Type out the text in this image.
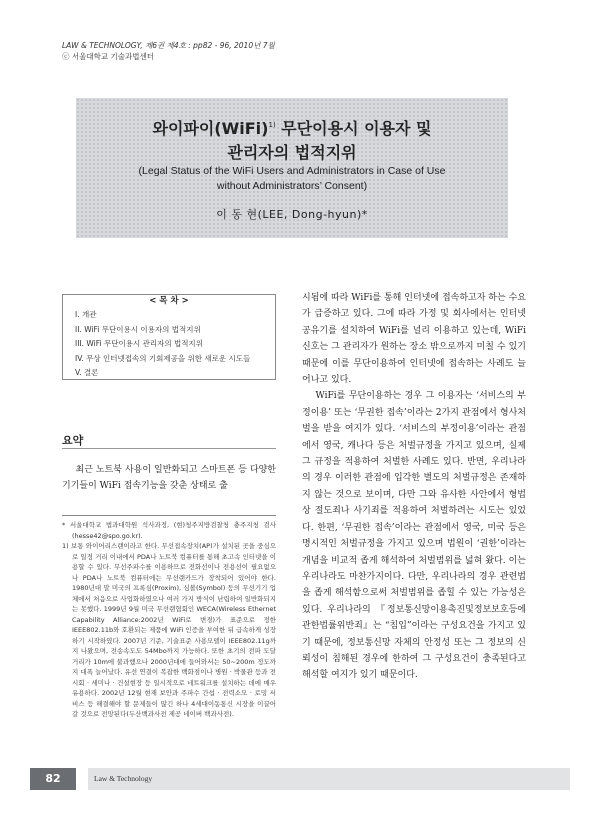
LAW & TECHNOLOGY, 제6권 제4호 : pp82 - 96, 2010년 7월
ⓒ 서울대학교 기술과법센터
와이파이(WiFi)$^{1)}$ 무단이용시 이용자 및
관리자의 법적지위
(Legal Status of the WiFi Users and Administrators in Case of Use
without Administrators’ Consent)
이 동 현(LEE, Dong-hyun)*
< 목 차 >
I. 개관
II. WiFi 무단이용시 이용자의 법적지위
III. WiFi 무단이용시 관리자의 법적지위
IV. 무상 인터넷접속의 기회제공을 위한 새로운 시도들
V. 결론
요약

최근 노트북 사용이 일반화되고 스마트폰 등 다양한 기기들이 WiFi 접속기능을 갖춘 상태로 출

* 서울대학교 법과대학원 석사과정, (현)청주지방검찰청 충주지청 검사(hesse42@spo.go.kr).
1) 보통 와이어리스랜이라고 한다. 무선접속장치(AP)가 설치된 곳을 중심으로 일정 거리 이내에서 PDA나 노트북 컴퓨터를 통해 초고속 인터넷을 이용할 수 있다. 무선주파수를 이용하므로 전화선이나 전용선이 필요없으나 PDA나 노트북 컴퓨터에는 무선랜카드가 장착되어 있어야 한다. 1980년대 말 미국의 프록심(Proxim), 심볼(Symbol) 등의 무선기기 업체에서 처음으로 사업화하였으나 여러 가지 방식이 난립하여 일반화되지는 못했다. 1999년 9월 미국 무선랜협회인 WECA(Wireless Ethernet Capability Alliance:2002년 WiFi로 변경)가 표준으로 정한 IEEE802.11b와 호환되는 제품에 WiFi 인증을 부여한 뒤 급속하게 성장하기 시작하였다. 2007년 기준, 기술표준 사용모델이 IEEE802.11g까지 나왔으며, 전송속도도 54Mbo까지 가능하다. 또한 초기의 전파 도달거리가 10m에 불과했으나 2000년대에 들어와서는 50~200m 정도까지 대폭 늘어났다. 유선 연결이 복잡한 백화점이나 병원 · 박물관 등과 전시회 · 세미나 · 건설현장 등 일시적으로 네트워크를 설치하는 데에 매우 유용하다. 2002년 12월 현재 보안과 주파수 간섭 · 전력소모 · 로밍 서비스 등 해결해야 할 문제들이 많긴 하나 4세대이동통신 시장을 이끌어갈 것으로 전망된다(두산백과사전 제공 네이버 백과사전).

시됨에 따라 WiFi를 통해 인터넷에 접속하고자 하는 수요가 급증하고 있다. 그에 따라 가정 및 회사에서는 인터넷공유기를 설치하여 WiFi를 널리 이용하고 있는데, WiFi 신호는 그 관리자가 원하는 장소 밖으로까지 미칠 수 있기 때문에 이를 무단이용하여 인터넷에 접속하는 사례도 늘어나고 있다.

WiFi를 무단이용하는 경우 그 이용자는 ‘서비스의 부정이용’ 또는 ‘무권한 접속’이라는 2가지 관점에서 형사처벌을 받을 여지가 있다. ‘서비스의 부정이용’이라는 관점에서 영국, 캐나다 등은 처벌규정을 가지고 있으며, 실제 그 규정을 적용하여 처벌한 사례도 있다. 반면, 우리나라의 경우 이러한 관점에 입각한 별도의 처벌규정은 존재하지 않는 것으로 보이며, 다만 그와 유사한 사안에서 형법상 절도죄나 사기죄를 적용하여 처벌하려는 시도는 있었다. 한편, ‘무권한 접속’이라는 관점에서 영국, 미국 등은 명시적인 처벌규정을 가지고 있으며 법원이 ‘권한’이라는 개념을 비교적 좁게 해석하여 처벌범위를 넓혀 왔다. 이는 우리나라도 마찬가지이다. 다만, 우리나라의 경우 관련법을 좁게 해석함으로써 처벌범위를 좁힐 수 있는 가능성은 있다. 우리나라의 『정보통신망이용촉진및정보보호등에관한법률위반죄』는 “침입”이라는 구성요건을 가지고 있기 때문에, 정보통신망 자체의 안정성 또는 그 정보의 신뢰성이 침해된 경우에 한하여 그 구성요건이 충족된다고 해석할 여지가 있기 때문이다.

82	Law & Technology
